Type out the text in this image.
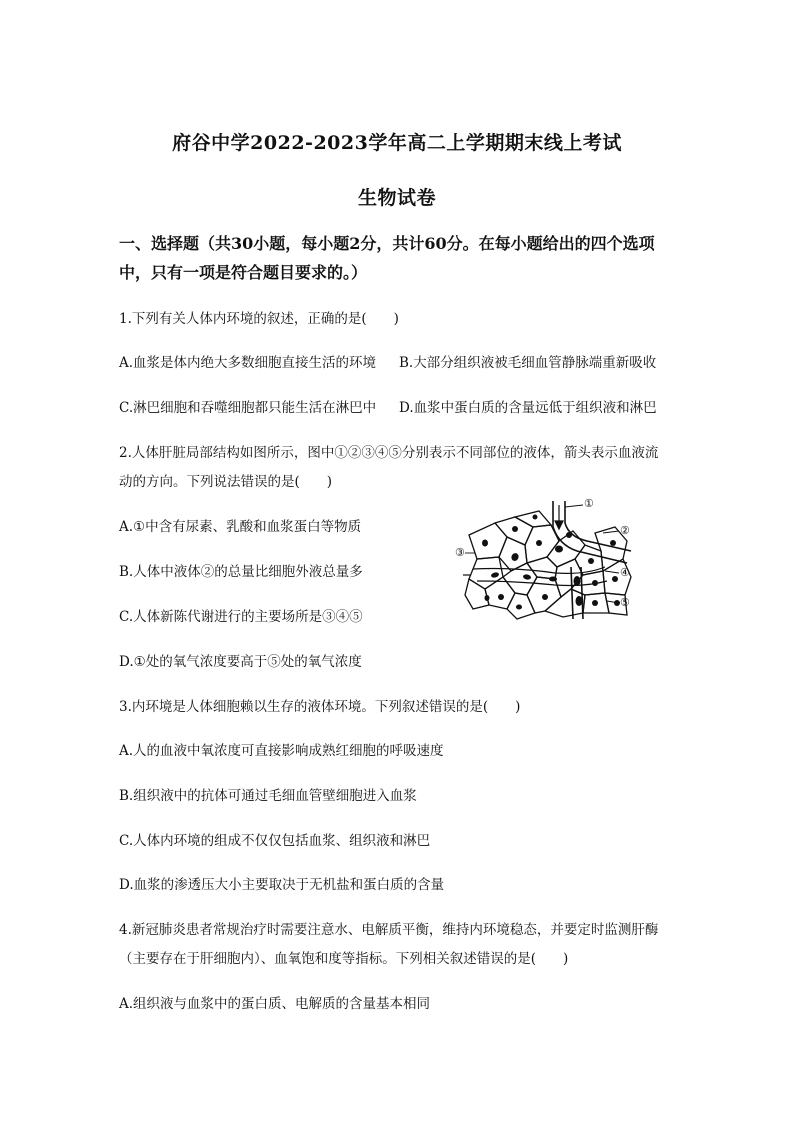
府谷中学2022-2023学年高二上学期期末线上考试
生物试卷
一、选择题（共30小题，每小题2分，共计60分。在每小题给出的四个选项
中，只有一项是符合题目要求的。）
1.下列有关人体内环境的叙述，正确的是(　　)
A.血浆是体内绝大多数细胞直接生活的环境 B.大部分组织液被毛细血管静脉端重新吸收
C.淋巴细胞和吞噬细胞都只能生活在淋巴中 D.血浆中蛋白质的含量远低于组织液和淋巴
2.人体肝脏局部结构如图所示，图中①②③④⑤分别表示不同部位的液体，箭头表示血液流
动的方向。下列说法错误的是(　　)
A.①中含有尿素、乳酸和血浆蛋白等物质
B.人体中液体②的总量比细胞外液总量多
C.人体新陈代谢进行的主要场所是③④⑤
D.①处的氧气浓度要高于⑤处的氧气浓度
①
②
③
④
⑤
3.内环境是人体细胞赖以生存的液体环境。下列叙述错误的是(　　)
A.人的血液中氧浓度可直接影响成熟红细胞的呼吸速度
B.组织液中的抗体可通过毛细血管壁细胞进入血浆
C.人体内环境的组成不仅仅包括血浆、组织液和淋巴
D.血浆的渗透压大小主要取决于无机盐和蛋白质的含量
4.新冠肺炎患者常规治疗时需要注意水、电解质平衡，维持内环境稳态，并要定时监测肝酶
（主要存在于肝细胞内）、血氧饱和度等指标。下列相关叙述错误的是(　　)
A.组织液与血浆中的蛋白质、电解质的含量基本相同
